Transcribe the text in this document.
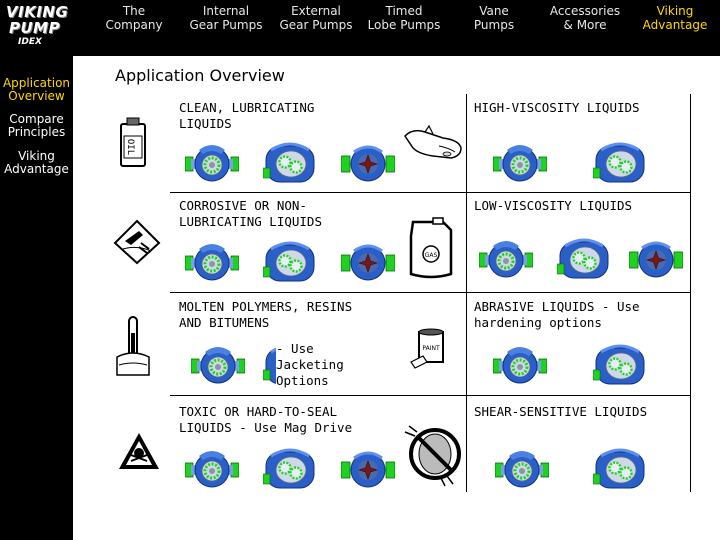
VIKING
PUMP
IDEX
The
Company
Internal
Gear Pumps
External
Gear Pumps
Timed
Lobe Pumps
Vane
Pumps
Accessories
& More
Viking
Advantage
Application
Overview
Compare
Principles
Viking
Advantage
Application Overview
CLEAN, LUBRICATING
LIQUIDS
OIL
HIGH-VISCOSITY LIQUIDS
CORROSIVE OR NON-
LUBRICATING LIQUIDS
LOW-VISCOSITY LIQUIDS
GAS
MOLTEN POLYMERS, RESINS
AND BITUMENS
- Use
Jacketing
Options
ABRASIVE LIQUIDS - Use
hardening options
PAINT
TOXIC OR HARD-TO-SEAL
LIQUIDS - Use Mag Drive
SHEAR-SENSITIVE LIQUIDS
